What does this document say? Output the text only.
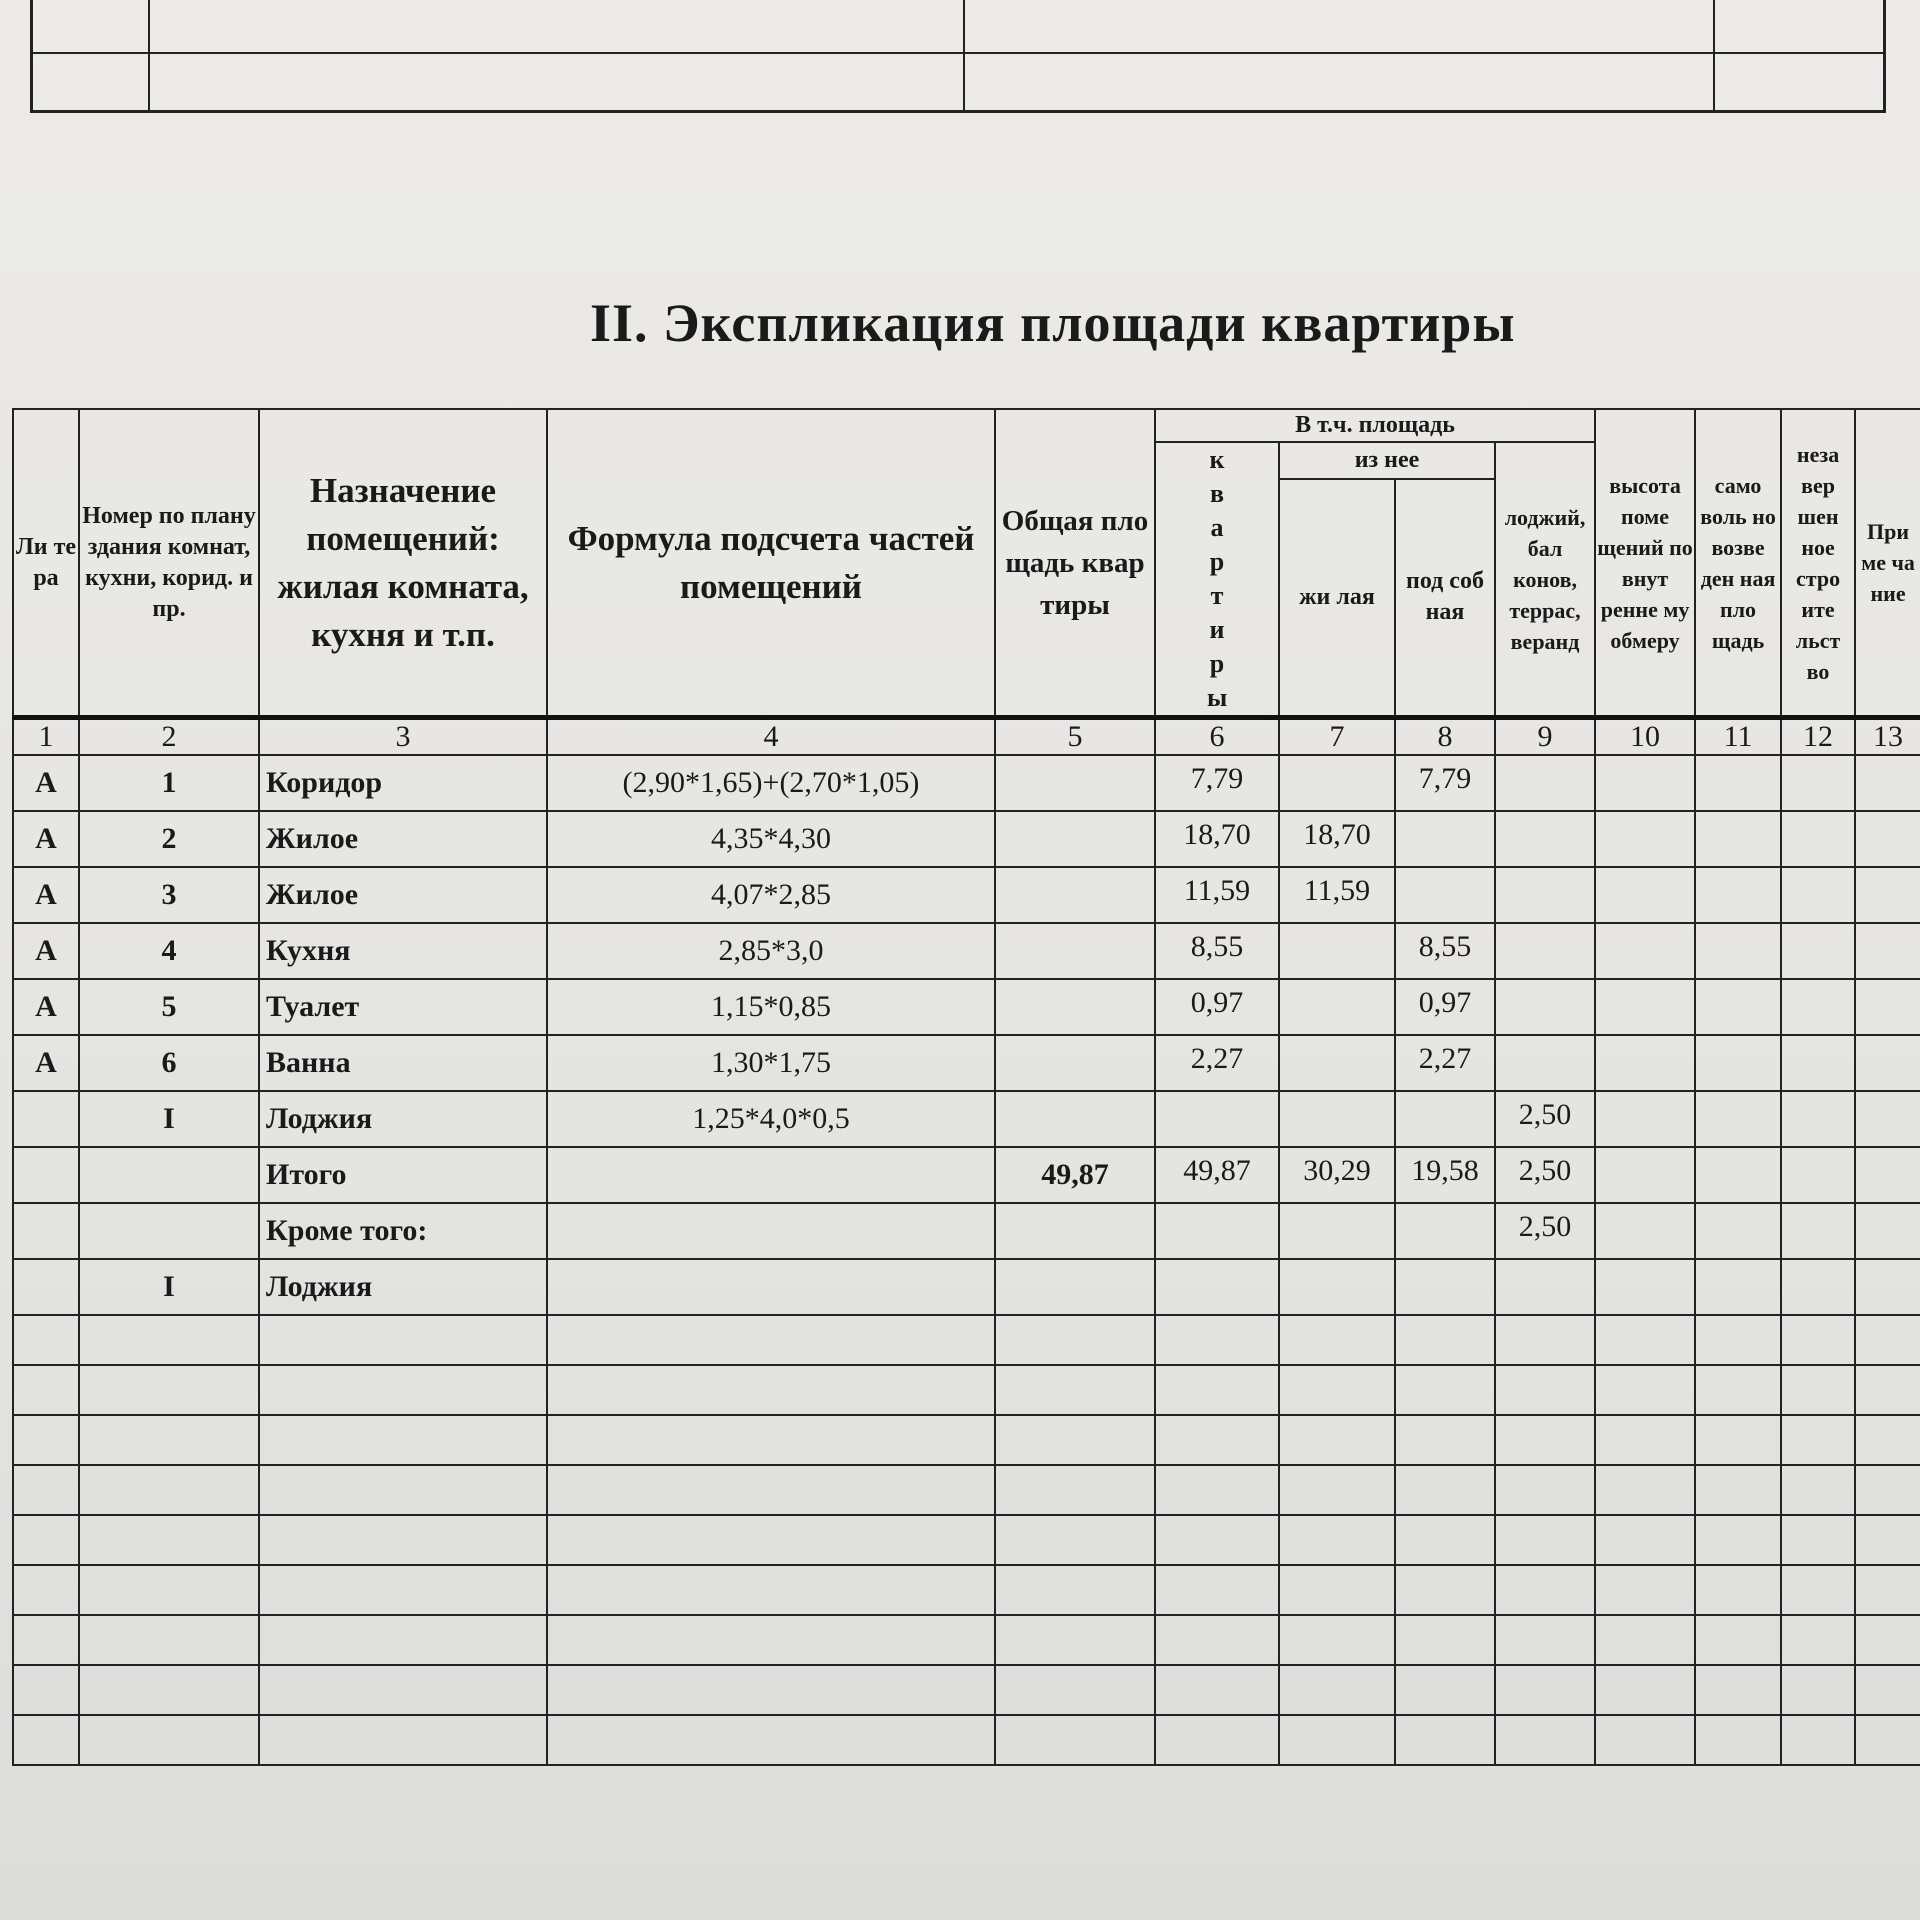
II. Экспликация площади квартиры
Ли те ра	Номер по плану здания комнат, кухни, корид. и пр.	Назначение помещений: жилая комната, кухня и т.п.	Формула подсчета частей помещений	Общая пло щадь квар тиры	В т.ч. площадь				высота поме щений по внут ренне му обмеру	само воль но возве ден ная пло щадь	неза вер шен ное стро ите льст во	При ме ча ние
					квартиры	из нее		лоджий, бал конов, террас, веранд				
						жи лая	под соб ная					
1	2	3	4	5	6	7	8	9	10	11	12	13
А	1	Коридор	(2,90*1,65)+(2,70*1,05)		7,79		7,79					
А	2	Жилое	4,35*4,30		18,70	18,70						
А	3	Жилое	4,07*2,85		11,59	11,59						
А	4	Кухня	2,85*3,0		8,55		8,55					
А	5	Туалет	1,15*0,85		0,97		0,97					
А	6	Ванна	1,30*1,75		2,27		2,27					
	I	Лоджия	1,25*4,0*0,5					2,50				
		Итого		49,87	49,87	30,29	19,58	2,50				
		Кроме того:						2,50				
	I	Лоджия										
